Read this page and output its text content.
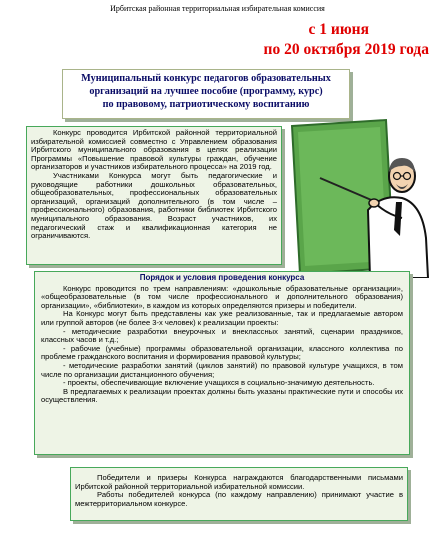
Ирбитская районная территориальная избирательная комиссия
с 1 июня
по 20 октября 2019 года
Муниципальный конкурс педагогов образовательных
организаций на лучшее пособие (программу, курс)
по правовому, патриотическому воспитанию

Конкурс проводится Ирбитской районной территориальной избирательной комиссией совместно с Управлением образования Ирбитского муниципального образования в целях реализации Программы «Повышение правовой культуры граждан, обучение организаторов и участников избирательного процесса» на 2019 год.

Участниками Конкурса могут быть педагогические и руководящие работники дошкольных образовательных, общеобразовательных, профессиональных образовательных организаций, организаций дополнительного (в том числе – профессионального) образования, работники библиотек Ирбитского муниципального образования. Возраст участников, их педагогический стаж и квалификационная категория не ограничиваются.

Порядок и условия проведения конкурса

Конкурс проводится по трем направлениям: «дошкольные образовательные организации», «общеобразовательные (в том числе профессионального и дополнительного образования) организации», «библиотеки», в каждом из которых определяются призеры и победители.

На Конкурс могут быть представлены как уже реализованные, так и предлагаемые автором или группой авторов (не более 3-х человек) к реализации проекты:

- методические разработки внеурочных и внеклассных занятий, сценарии праздников, классных часов и т.д.;

- рабочие (учебные) программы образовательной организации, классного коллектива по проблеме гражданского воспитания и формирования правовой культуры;

- методические разработки занятий (циклов занятий) по правовой культуре учащихся, в том числе по организации дистанционного обучения;

- проекты, обеспечивающие включение учащихся в социально-значимую деятельность.

В предлагаемых к реализации проектах должны быть указаны практические пути и способы их осуществления.

Победители и призеры Конкурса награждаются благодарственными письмами Ирбитской районной территориальной избирательной комиссии.

Работы победителей конкурса (по каждому направлению) принимают участие в межтерриториальном конкурсе.
